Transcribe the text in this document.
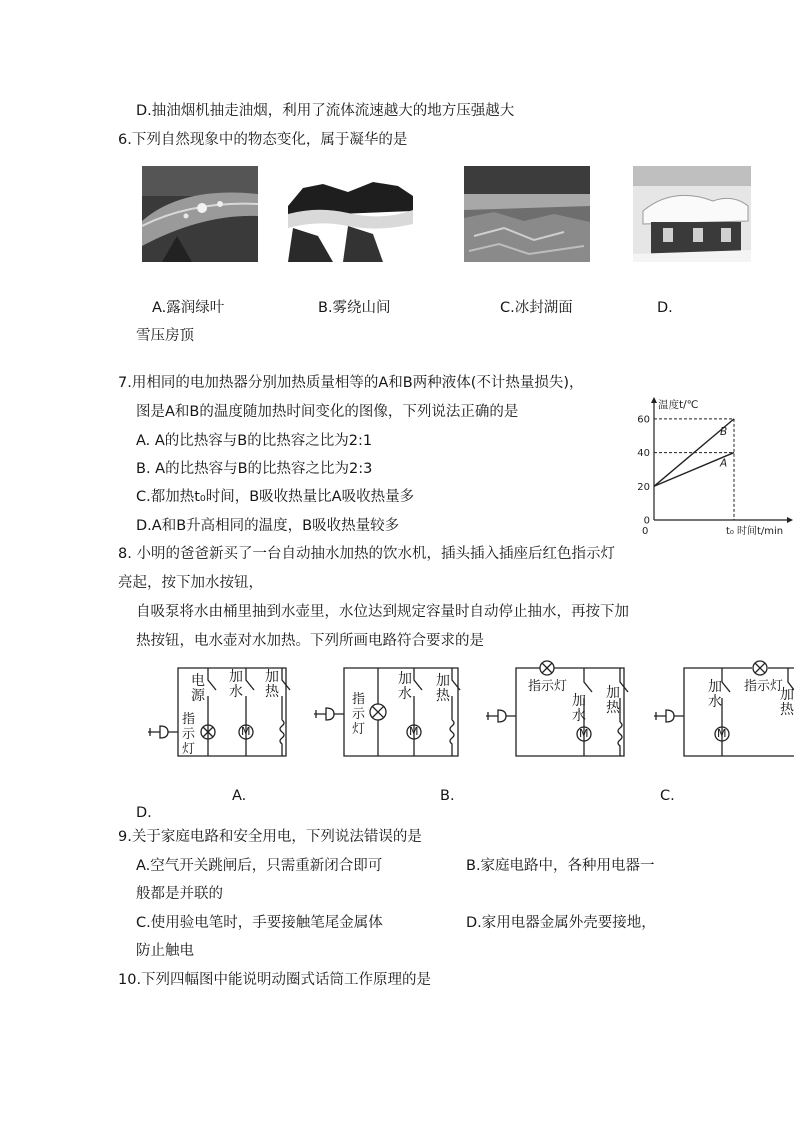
D.抽油烟机抽走油烟，利用了流体流速越大的地方压强越大
6.下列自然现象中的物态变化，属于凝华的是
A.露润绿叶	B.雾绕山间	C.冰封湖面	D.
雪压房顶
7.用相同的电加热器分别加热质量相等的A和B两种液体(不计热量损失)，
图是A和B的温度随加热时间变化的图像，下列说法正确的是
A. A的比热容与B的比热容之比为2:1
B. A的比热容与B的比热容之比为2:3
C.都加热t₀时间，B吸收热量比A吸收热量多
D.A和B升高相同的温度，B吸收热量较多
温度t/℃
时间t/min
0	t₀
0
20
40
60
B
A
8. 小明的爸爸新买了一台自动抽水加热的饮水机，插头插入插座后红色指示灯
亮起，按下加水按钮，
自吸泵将水由桶里抽到水壶里，水位达到规定容量时自动停止抽水，再按下加
热按钮，电水壶对水加热。下列所画电路符合要求的是
电源
加水
加热
指示灯
M
指示灯
加水
加热
M
指示灯
加水
加热
M
加水
指示灯
加热
M
A.	B.	C.
D.
9.关于家庭电路和安全用电，下列说法错误的是
A.空气开关跳闸后，只需重新闭合即可	B.家庭电路中，各种用电器一
般都是并联的
C.使用验电笔时，手要接触笔尾金属体	D.家用电器金属外壳要接地，
防止触电
10.下列四幅图中能说明动圈式话筒工作原理的是
